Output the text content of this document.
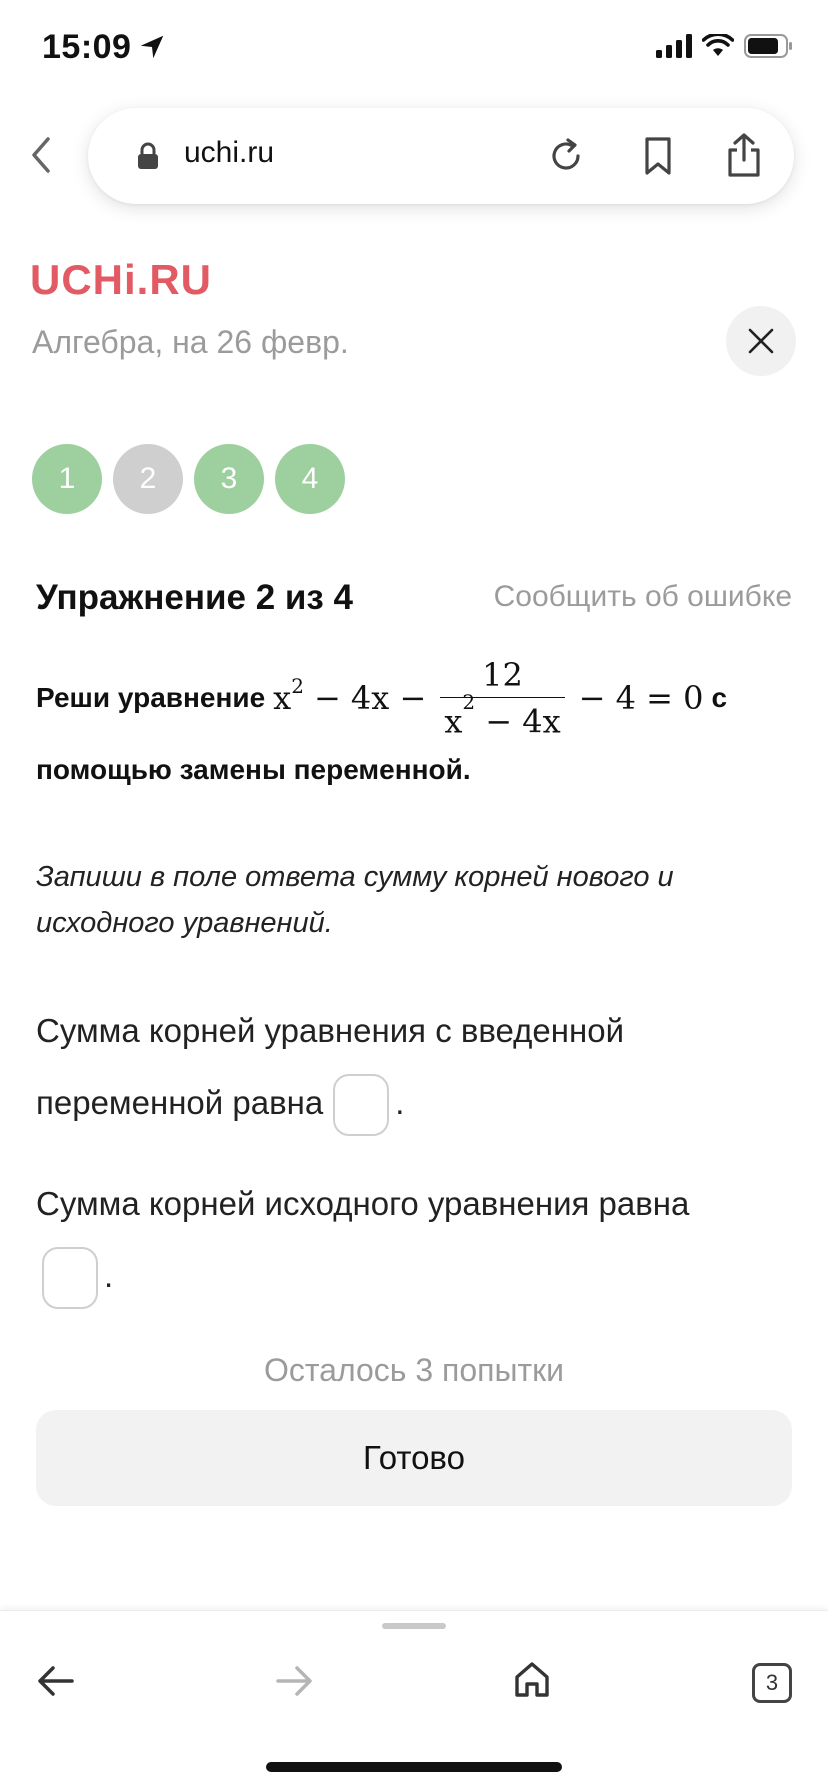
15:09
uchi.ru
UCHi.RU
Алгебра, на 26 февр.
1	2	3	4
Упражнение 2 из 4	Сообщить об ошибке
Реши уравнение $x^2 - 4x - \frac{12}{x^2 - 4x} - 4 = 0$ с
помощью замены переменной.
Запиши в поле ответа сумму корней нового и исходного уравнений.
Сумма корней уравнения с введенной
переменной равна .
Сумма корней исходного уравнения равна
.
Осталось 3 попытки
Готово
3
